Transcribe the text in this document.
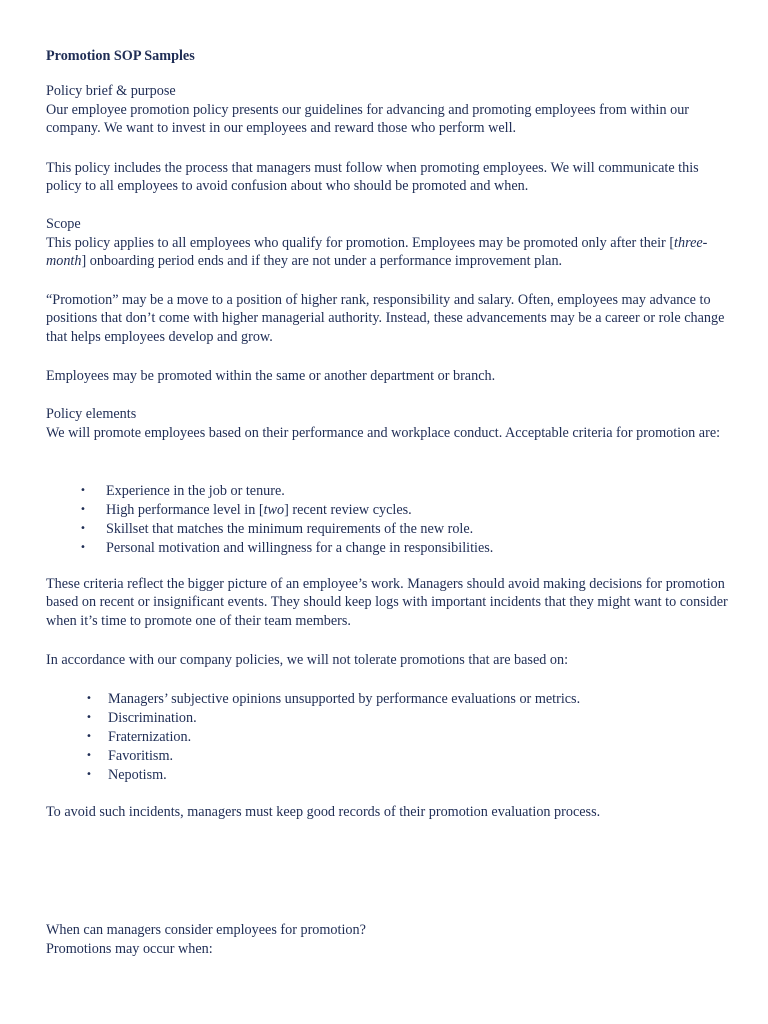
Promotion SOP Samples

Policy brief & purpose

Our employee promotion policy presents our guidelines for advancing and promoting employees from within our company. We want to invest in our employees and reward those who perform well.

This policy includes the process that managers must follow when promoting employees. We will communicate this policy to all employees to avoid confusion about who should be promoted and when.

Scope

This policy applies to all employees who qualify for promotion. Employees may be promoted only after their [three-month] onboarding period ends and if they are not under a performance improvement plan.

“Promotion” may be a move to a position of higher rank, responsibility and salary. Often, employees may advance to positions that don’t come with higher managerial authority. Instead, these advancements may be a career or role change that helps employees develop and grow.

Employees may be promoted within the same or another department or branch.

Policy elements

We will promote employees based on their performance and workplace conduct. Acceptable criteria for promotion are:

• Experience in the job or tenure.
• High performance level in [two] recent review cycles.
• Skillset that matches the minimum requirements of the new role.
• Personal motivation and willingness for a change in responsibilities.

These criteria reflect the bigger picture of an employee’s work. Managers should avoid making decisions for promotion based on recent or insignificant events. They should keep logs with important incidents that they might want to consider when it’s time to promote one of their team members.

In accordance with our company policies, we will not tolerate promotions that are based on:

• Managers’ subjective opinions unsupported by performance evaluations or metrics.
• Discrimination.
• Fraternization.
• Favoritism.
• Nepotism.

To avoid such incidents, managers must keep good records of their promotion evaluation process.

When can managers consider employees for promotion?

Promotions may occur when:
